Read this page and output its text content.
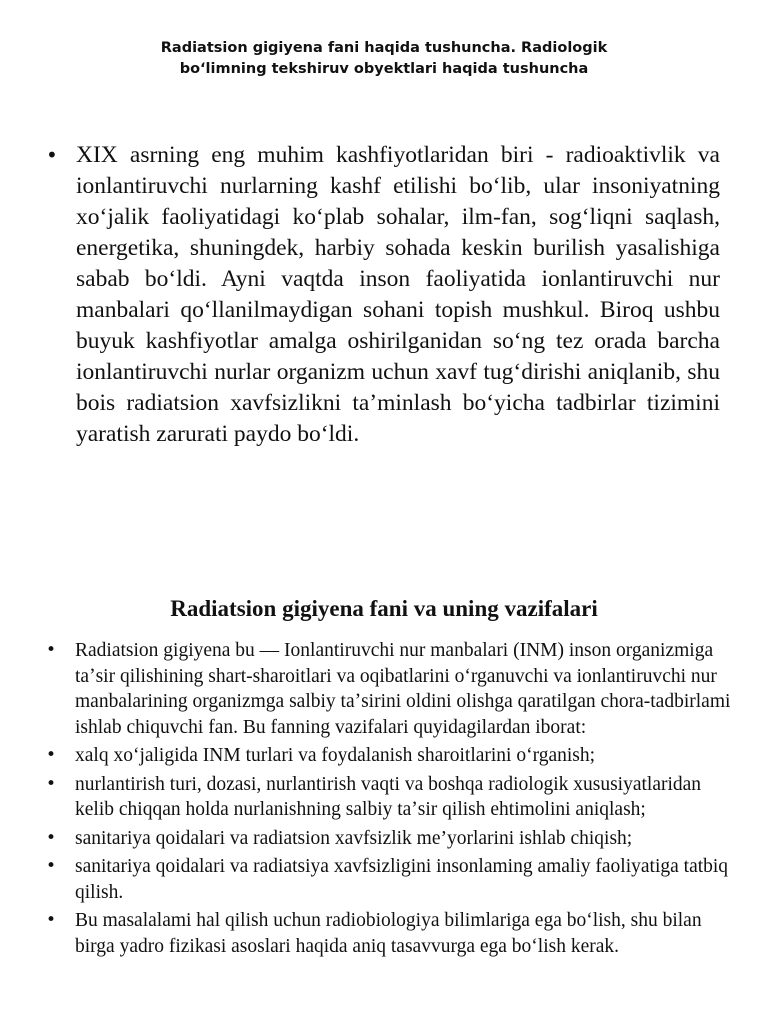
Radiatsion gigiyena fani haqida tushuncha. Radiologik
boʻlimning tekshiruv obyektlari haqida tushuncha
• XIX asrning eng muhim kashfiyotlaridan biri - radioaktivlik va ionlantiruvchi nurlarning kashf etilishi boʻlib, ular insoniyatning xoʻjalik faoliyatidagi koʻplab sohalar, ilm-fan, sogʻliqni saqlash, energetika, shuningdek, harbiy sohada keskin burilish yasalishiga sabab boʻldi. Ayni vaqtda inson faoliyatida ionlantiruvchi nur manbalari qoʻllanilmaydigan sohani topish mushkul. Biroq ushbu buyuk kashfiyotlar amalga oshirilganidan soʻng tez orada barcha ionlantiruvchi nurlar organizm uchun xavf tugʻdirishi aniqlanib, shu bois radiatsion xavfsizlikni taʼminlash boʻyicha tadbirlar tizimini yaratish zarurati paydo boʻldi.
Radiatsion gigiyena fani va uning vazifalari
• Radiatsion gigiyena bu — Ionlantiruvchi nur manbalari (INM) inson organizmiga taʼsir qilishining shart-sharoitlari va oqibatlarini oʻrganuvchi va ionlantiruvchi nur manbalarining organizmga salbiy taʼsirini oldini olishga qaratilgan chora-tadbirlami ishlab chiquvchi fan. Bu fanning vazifalari quyidagilardan iborat:
• xalq xoʻjaligida INM turlari va foydalanish sharoitlarini oʻrganish;
• nurlantirish turi, dozasi, nurlantirish vaqti va boshqa radiologik xususiyatlaridan kelib chiqqan holda nurlanishning salbiy taʼsir qilish ehtimolini aniqlash;
• sanitariya qoidalari va radiatsion xavfsizlik me’yorlarini ishlab chiqish;
• sanitariya qoidalari va radiatsiya xavfsizligini insonlaming amaliy faoliyatiga tatbiq qilish.
• Bu masalalami hal qilish uchun radiobiologiya bilimlariga ega boʻlish, shu bilan birga yadro fizikasi asoslari haqida aniq tasavvurga ega boʻlish kerak.
